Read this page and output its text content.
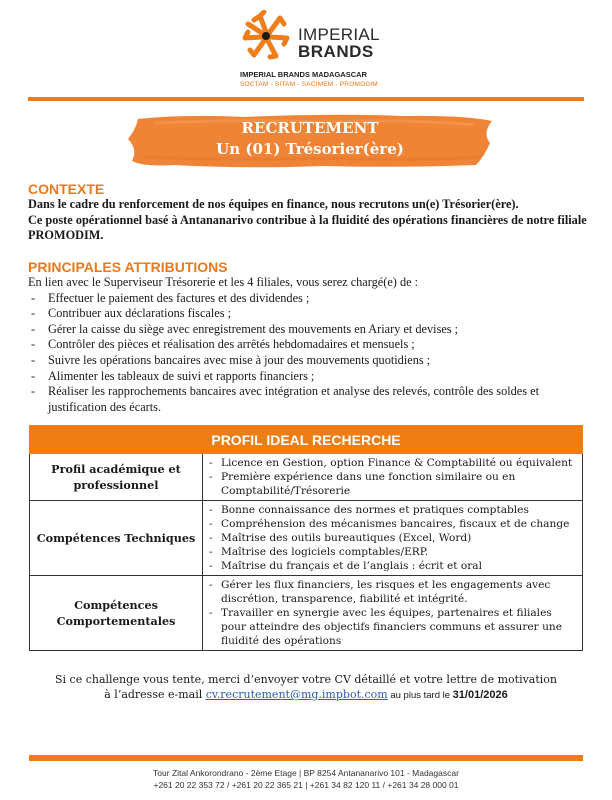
IMPERIAL
BRANDS
IMPERIAL BRANDS MADAGASCAR
SOCTAM - SITAM - SACIMEM - PROMODIM
RECRUTEMENT
Un (01) Trésorier(ère)
CONTEXTE
Dans le cadre du renforcement de nos équipes en finance, nous recrutons un(e) Trésorier(ère).
Ce poste opérationnel basé à Antananarivo contribue à la fluidité des opérations financières de notre filiale PROMODIM.
PRINCIPALES ATTRIBUTIONS
En lien avec le Superviseur Trésorerie et les 4 filiales, vous serez chargé(e) de :
- Effectuer le paiement des factures et des dividendes ;
- Contribuer aux déclarations fiscales ;
- Gérer la caisse du siège avec enregistrement des mouvements en Ariary et devises ;
- Contrôler des pièces et réalisation des arrêtés hebdomadaires et mensuels ;
- Suivre les opérations bancaires avec mise à jour des mouvements quotidiens ;
- Alimenter les tableaux de suivi et rapports financiers ;
- Réaliser les rapprochements bancaires avec intégration et analyse des relevés, contrôle des soldes et justification des écarts.
PROFIL IDEAL RECHERCHE	
Profil académique et professionnel	
- Licence en Gestion, option Finance & Comptabilité ou équivalent
- Première expérience dans une fonction similaire ou en Comptabilité/Trésorerie

Compétences Techniques	
- Bonne connaissance des normes et pratiques comptables
- Compréhension des mécanismes bancaires, fiscaux et de change
- Maîtrise des outils bureautiques (Excel, Word)
- Maîtrise des logiciels comptables/ERP.
- Maîtrise du français et de l’anglais : écrit et oral

Compétences Comportementales	
- Gérer les flux financiers, les risques et les engagements avec discrétion, transparence, fiabilité et intégrité.
- Travailler en synergie avec les équipes, partenaires et filiales pour atteindre des objectifs financiers communs et assurer une fluidité des opérations
Si ce challenge vous tente, merci d’envoyer votre CV détaillé et votre lettre de motivation
à l’adresse e-mail cv.recrutement@mg.impbot.com au plus tard le 31/01/2026
Tour Zital Ankorondrano - 2ème Etage | BP 8254 Antananarivo 101 - Madagascar
+261 20 22 353 72 / +261 20 22 365 21 | +261 34 82 120 11 / +261 34 28 000 01
